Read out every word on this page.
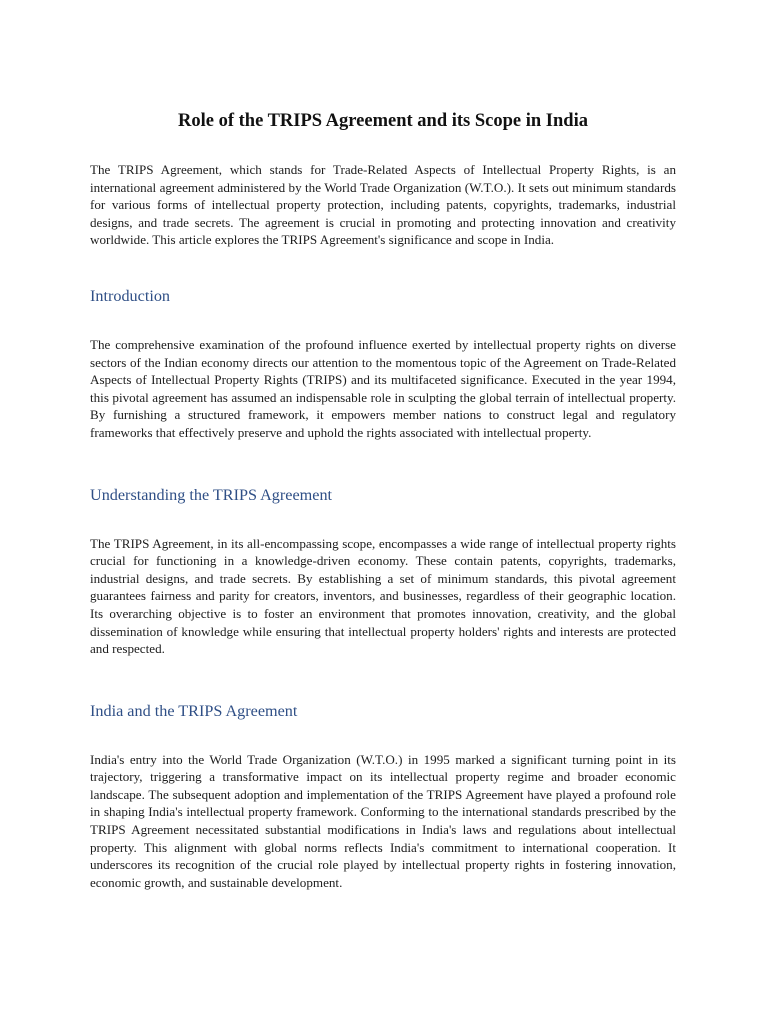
Role of the TRIPS Agreement and its Scope in India

The TRIPS Agreement, which stands for Trade-Related Aspects of Intellectual Property Rights, is an international agreement administered by the World Trade Organization (W.T.O.). It sets out minimum standards for various forms of intellectual property protection, including patents, copyrights, trademarks, industrial designs, and trade secrets. The agreement is crucial in promoting and protecting innovation and creativity worldwide. This article explores the TRIPS Agreement's significance and scope in India.

Introduction

The comprehensive examination of the profound influence exerted by intellectual property rights on diverse sectors of the Indian economy directs our attention to the momentous topic of the Agreement on Trade-Related Aspects of Intellectual Property Rights (TRIPS) and its multifaceted significance. Executed in the year 1994, this pivotal agreement has assumed an indispensable role in sculpting the global terrain of intellectual property. By furnishing a structured framework, it empowers member nations to construct legal and regulatory frameworks that effectively preserve and uphold the rights associated with intellectual property.

Understanding the TRIPS Agreement

The TRIPS Agreement, in its all-encompassing scope, encompasses a wide range of intellectual property rights crucial for functioning in a knowledge-driven economy. These contain patents, copyrights, trademarks, industrial designs, and trade secrets. By establishing a set of minimum standards, this pivotal agreement guarantees fairness and parity for creators, inventors, and businesses, regardless of their geographic location. Its overarching objective is to foster an environment that promotes innovation, creativity, and the global dissemination of knowledge while ensuring that intellectual property holders' rights and interests are protected and respected.

India and the TRIPS Agreement

India's entry into the World Trade Organization (W.T.O.) in 1995 marked a significant turning point in its trajectory, triggering a transformative impact on its intellectual property regime and broader economic landscape. The subsequent adoption and implementation of the TRIPS Agreement have played a profound role in shaping India's intellectual property framework. Conforming to the international standards prescribed by the TRIPS Agreement necessitated substantial modifications in India's laws and regulations about intellectual property. This alignment with global norms reflects India's commitment to international cooperation. It underscores its recognition of the crucial role played by intellectual property rights in fostering innovation, economic growth, and sustainable development.
